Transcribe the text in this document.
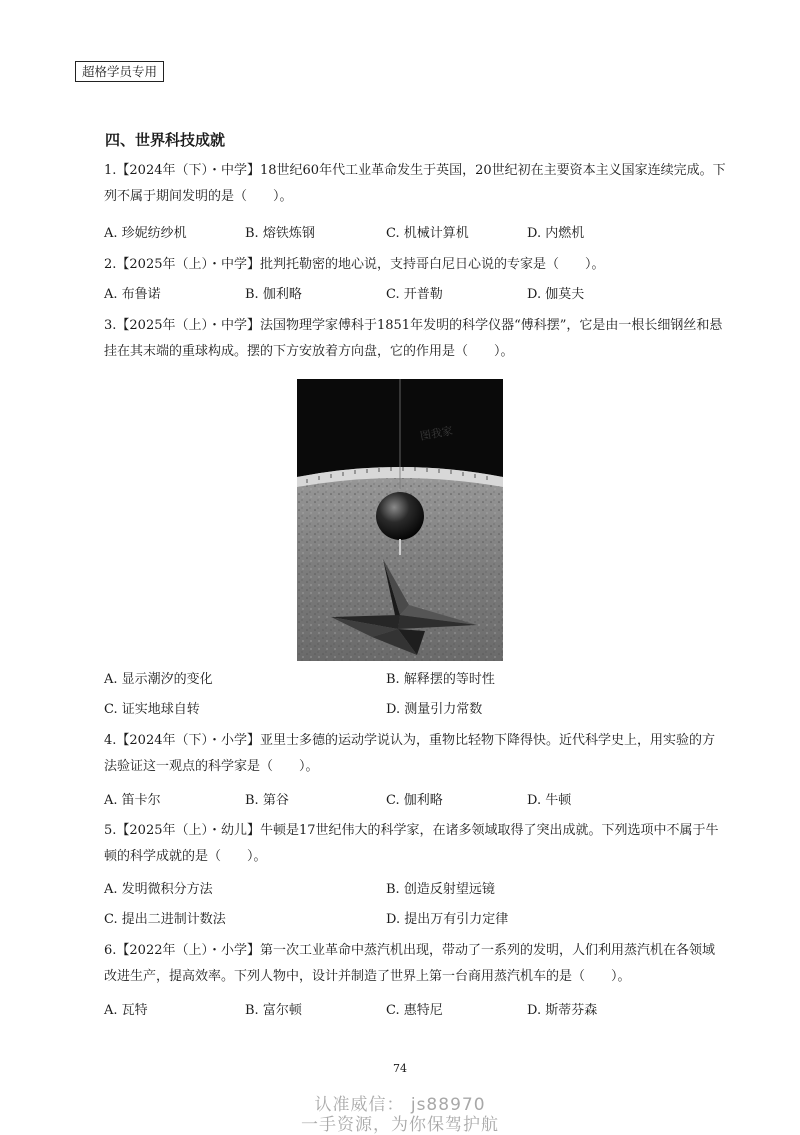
超格学员专用
四、世界科技成就
1.【2024年（下）・中学】18世纪60年代工业革命发生于英国，20世纪初在主要资本主义国家连续完成。下列不属于期间发明的是（　　）。
A. 珍妮纺纱机	B. 熔铁炼钢	C. 机械计算机	D. 内燃机
2.【2025年（上）・中学】批判托勒密的地心说，支持哥白尼日心说的专家是（　　）。
A. 布鲁诺	B. 伽利略	C. 开普勒	D. 伽莫夫
3.【2025年（上）・中学】法国物理学家傅科于1851年发明的科学仪器“傅科摆”，它是由一根长细钢丝和悬挂在其末端的重球构成。摆的下方安放着方向盘，它的作用是（　　）。
图我家
A. 显示潮汐的变化	B. 解释摆的等时性
C. 证实地球自转	D. 测量引力常数
4.【2024年（下）・小学】亚里士多德的运动学说认为，重物比轻物下降得快。近代科学史上，用实验的方法验证这一观点的科学家是（　　）。
A. 笛卡尔	B. 第谷	C. 伽利略	D. 牛顿
5.【2025年（上）・幼儿】牛顿是17世纪伟大的科学家，在诸多领域取得了突出成就。下列选项中不属于牛顿的科学成就的是（　　）。
A. 发明微积分方法	B. 创造反射望远镜
C. 提出二进制计数法	D. 提出万有引力定律
6.【2022年（上）・小学】第一次工业革命中蒸汽机出现，带动了一系列的发明，人们利用蒸汽机在各领域改进生产，提高效率。下列人物中，设计并制造了世界上第一台商用蒸汽机车的是（　　）。
A. 瓦特	B. 富尔顿	C. 惠特尼	D. 斯蒂芬森
74
认准威信： js88970
一手资源，为你保驾护航
